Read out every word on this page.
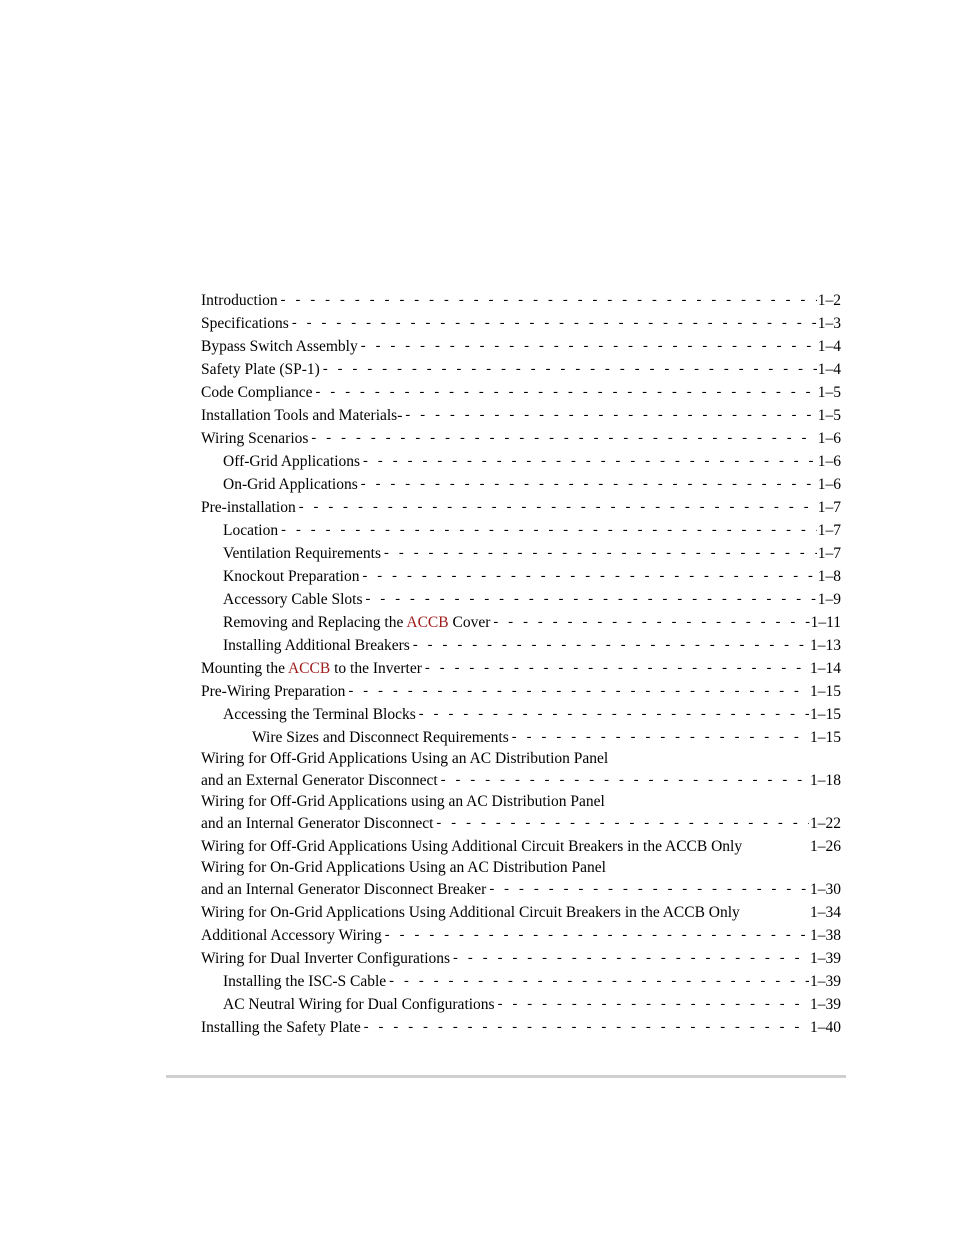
Introduction - - -	1–2
Specifications - - -	1–3
Bypass Switch Assembly - - -	1–4
Safety Plate (SP-1) - - -	1–4
Code Compliance - - -	1–5
Installation Tools and Materials- - - -	1–5
Wiring Scenarios - - -	1–6
Off-Grid Applications - - -	1–6
On-Grid Applications - - -	1–6
Pre-installation - - -	1–7
Location - - -	1–7
Ventilation Requirements - - -	1–7
Knockout Preparation - - -	1–8
Accessory Cable Slots - - -	1–9
Removing and Replacing the ACCB Cover - - -	1–11
Installing Additional Breakers - - -	1–13
Mounting the ACCB to the Inverter - - -	1–14
Pre-Wiring Preparation - - -	1–15
Accessing the Terminal Blocks - - -	1–15
Wire Sizes and Disconnect Requirements - - -	1–15
Wiring for Off-Grid Applications Using an AC Distribution Panel
and an External Generator Disconnect - - -	1–18
Wiring for Off-Grid Applications using an AC Distribution Panel
and an Internal Generator Disconnect - - -	1–22
Wiring for Off-Grid Applications Using Additional Circuit Breakers in the ACCB Only	1–26
Wiring for On-Grid Applications Using an AC Distribution Panel
and an Internal Generator Disconnect Breaker - - -	1–30
Wiring for On-Grid Applications Using Additional Circuit Breakers in the ACCB Only	1–34
Additional Accessory Wiring - - -	1–38
Wiring for Dual Inverter Configurations - - -	1–39
Installing the ISC-S Cable - - -	1–39
AC Neutral Wiring for Dual Configurations - - -	1–39
Installing the Safety Plate - - -	1–40
